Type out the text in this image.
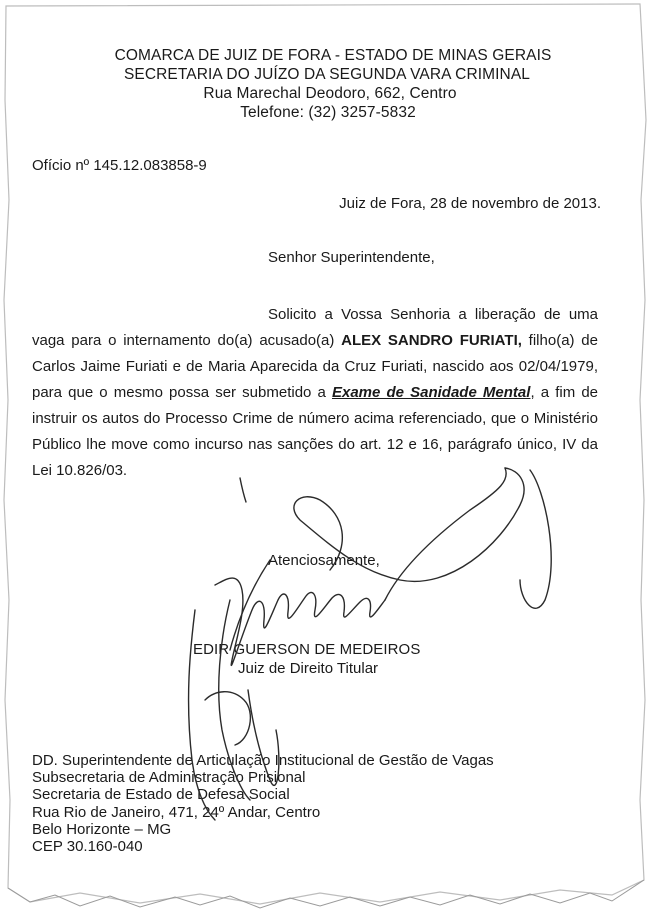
COMARCA DE JUIZ DE FORA - ESTADO DE MINAS GERAIS
SECRETARIA DO JUÍZO DA SEGUNDA VARA CRIMINAL
Rua Marechal Deodoro, 662, Centro
Telefone: (32) 3257-5832
Ofício nº 145.12.083858-9
Juiz de Fora, 28 de novembro de 2013.
Senhor Superintendente,
Solicito a Vossa Senhoria a liberação de uma vaga para o internamento do(a) acusado(a) ALEX SANDRO FURIATI, filho(a) de Carlos Jaime Furiati e de Maria Aparecida da Cruz Furiati, nascido aos 02/04/1979, para que o mesmo possa ser submetido a Exame de Sanidade Mental, a fim de instruir os autos do Processo Crime de número acima referenciado, que o Ministério Público lhe move como incurso nas sanções do art. 12 e 16, parágrafo único, IV da Lei 10.826/03.
Atenciosamente,
EDIR GUERSON DE MEDEIROS
Juiz de Direito Titular
DD. Superintendente de Articulação Institucional de Gestão de Vagas
Subsecretaria de Administração Prisional
Secretaria de Estado de Defesa Social
Rua Rio de Janeiro, 471, 24º Andar, Centro
Belo Horizonte – MG
CEP 30.160-040
